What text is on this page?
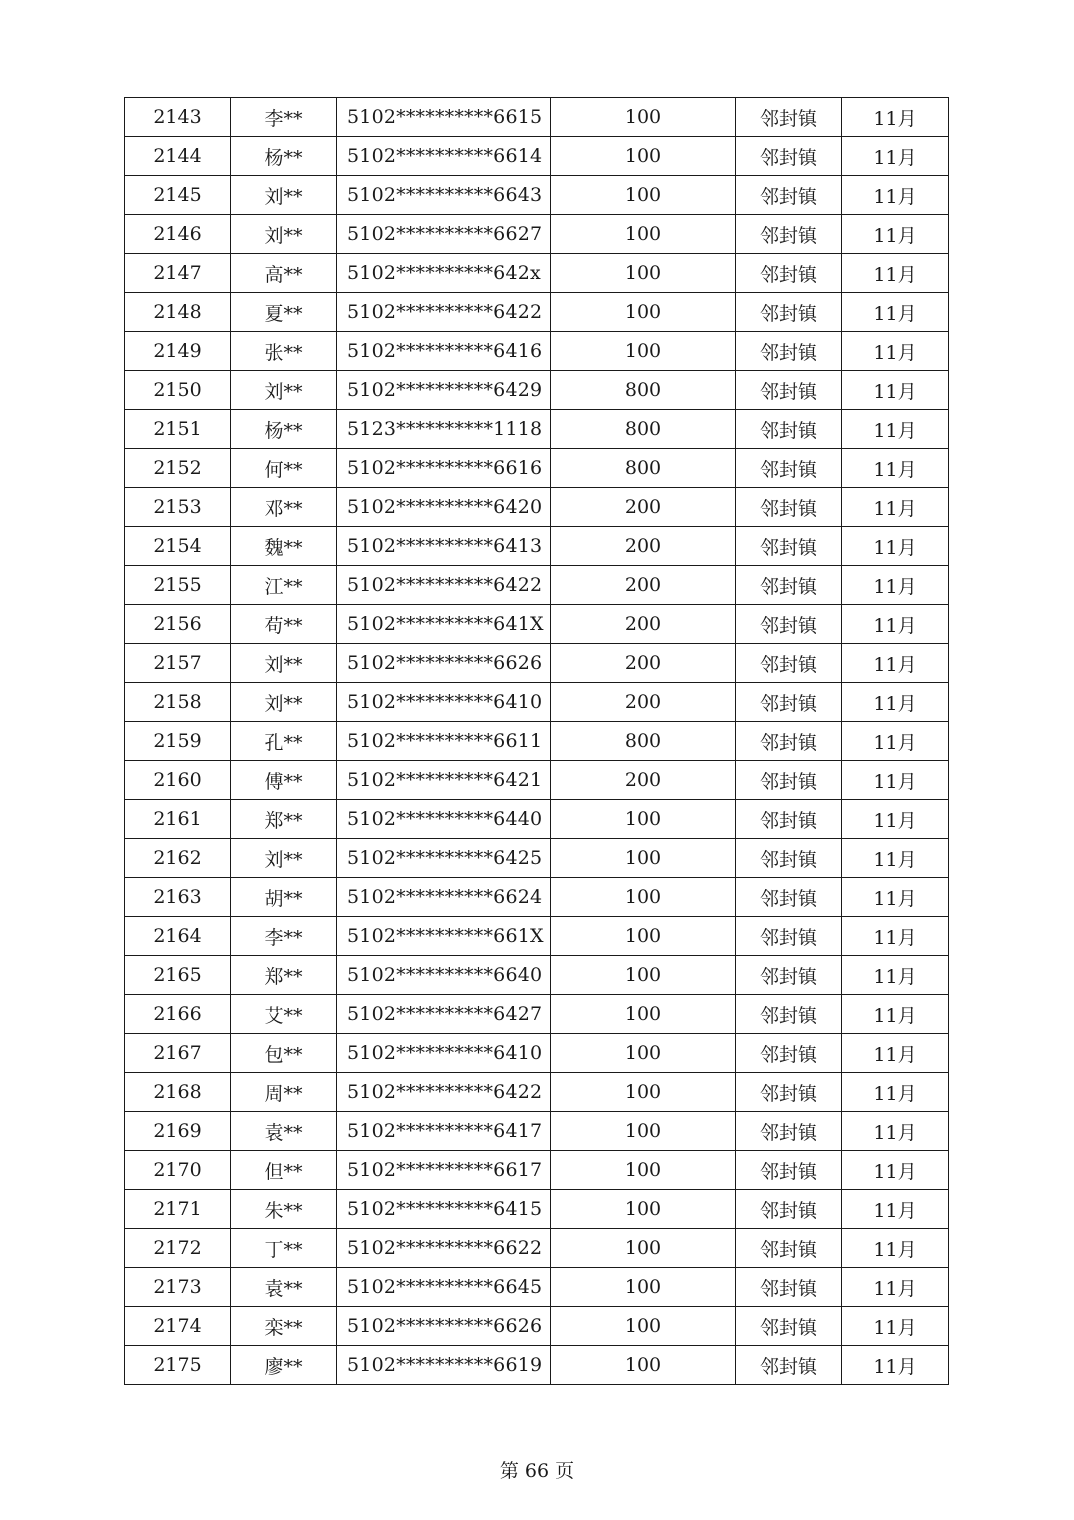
2143	李**	5102**********6615	100	邻封镇	11月
2144	杨**	5102**********6614	100	邻封镇	11月
2145	刘**	5102**********6643	100	邻封镇	11月
2146	刘**	5102**********6627	100	邻封镇	11月
2147	高**	5102**********642x	100	邻封镇	11月
2148	夏**	5102**********6422	100	邻封镇	11月
2149	张**	5102**********6416	100	邻封镇	11月
2150	刘**	5102**********6429	800	邻封镇	11月
2151	杨**	5123**********1118	800	邻封镇	11月
2152	何**	5102**********6616	800	邻封镇	11月
2153	邓**	5102**********6420	200	邻封镇	11月
2154	魏**	5102**********6413	200	邻封镇	11月
2155	江**	5102**********6422	200	邻封镇	11月
2156	苟**	5102**********641X	200	邻封镇	11月
2157	刘**	5102**********6626	200	邻封镇	11月
2158	刘**	5102**********6410	200	邻封镇	11月
2159	孔**	5102**********6611	800	邻封镇	11月
2160	傅**	5102**********6421	200	邻封镇	11月
2161	郑**	5102**********6440	100	邻封镇	11月
2162	刘**	5102**********6425	100	邻封镇	11月
2163	胡**	5102**********6624	100	邻封镇	11月
2164	李**	5102**********661X	100	邻封镇	11月
2165	郑**	5102**********6640	100	邻封镇	11月
2166	艾**	5102**********6427	100	邻封镇	11月
2167	包**	5102**********6410	100	邻封镇	11月
2168	周**	5102**********6422	100	邻封镇	11月
2169	袁**	5102**********6417	100	邻封镇	11月
2170	但**	5102**********6617	100	邻封镇	11月
2171	朱**	5102**********6415	100	邻封镇	11月
2172	丁**	5102**********6622	100	邻封镇	11月
2173	袁**	5102**********6645	100	邻封镇	11月
2174	栾**	5102**********6626	100	邻封镇	11月
2175	廖**	5102**********6619	100	邻封镇	11月
第 66 页
